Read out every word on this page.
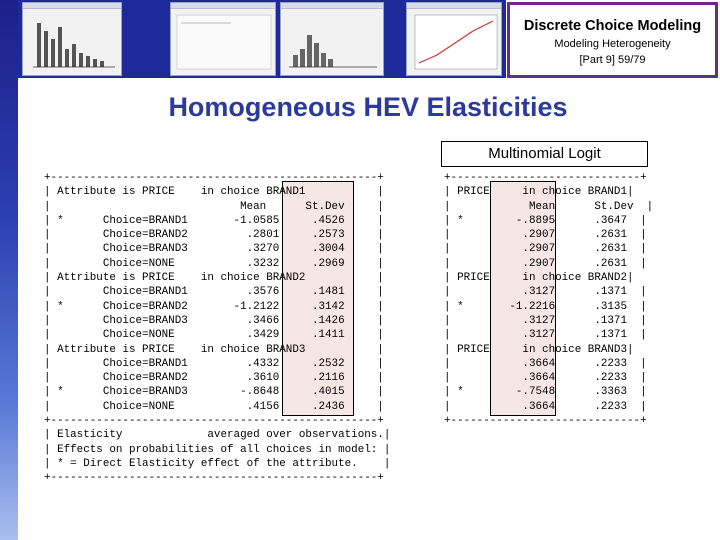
Discrete Choice Modeling
Modeling Heterogeneity
[Part 9] 59/79
Homogeneous HEV Elasticities
Multinomial Logit
+--------------------------------------------------+
| Attribute is PRICE    in choice BRAND1           |
|                             Mean      St.Dev     |
| *      Choice=BRAND1       -1.0585     .4526     |
|        Choice=BRAND2         .2801     .2573     |
|        Choice=BRAND3         .3270     .3004     |
|        Choice=NONE           .3232     .2969     |
| Attribute is PRICE    in choice BRAND2           |
|        Choice=BRAND1         .3576     .1481     |
| *      Choice=BRAND2       -1.2122     .3142     |
|        Choice=BRAND3         .3466     .1426     |
|        Choice=NONE           .3429     .1411     |
| Attribute is PRICE    in choice BRAND3           |
|        Choice=BRAND1         .4332     .2532     |
|        Choice=BRAND2         .3610     .2116     |
| *      Choice=BRAND3        -.8648     .4015     |
|        Choice=NONE           .4156     .2436     |
+--------------------------------------------------+
| Elasticity             averaged over observations.|
| Effects on probabilities of all choices in model: |
| * = Direct Elasticity effect of the attribute.    |
+--------------------------------------------------+
+-----------------------------+
| PRICE     in choice BRAND1|
|            Mean      St.Dev  |
| *        -.8895      .3647  |
|           .2907      .2631  |
|           .2907      .2631  |
|           .2907      .2631  |
| PRICE     in choice BRAND2|
|           .3127      .1371  |
| *       -1.2216      .3135  |
|           .3127      .1371  |
|           .3127      .1371  |
| PRICE     in choice BRAND3|
|           .3664      .2233  |
|           .3664      .2233  |
| *        -.7548      .3363  |
|           .3664      .2233  |
+-----------------------------+
